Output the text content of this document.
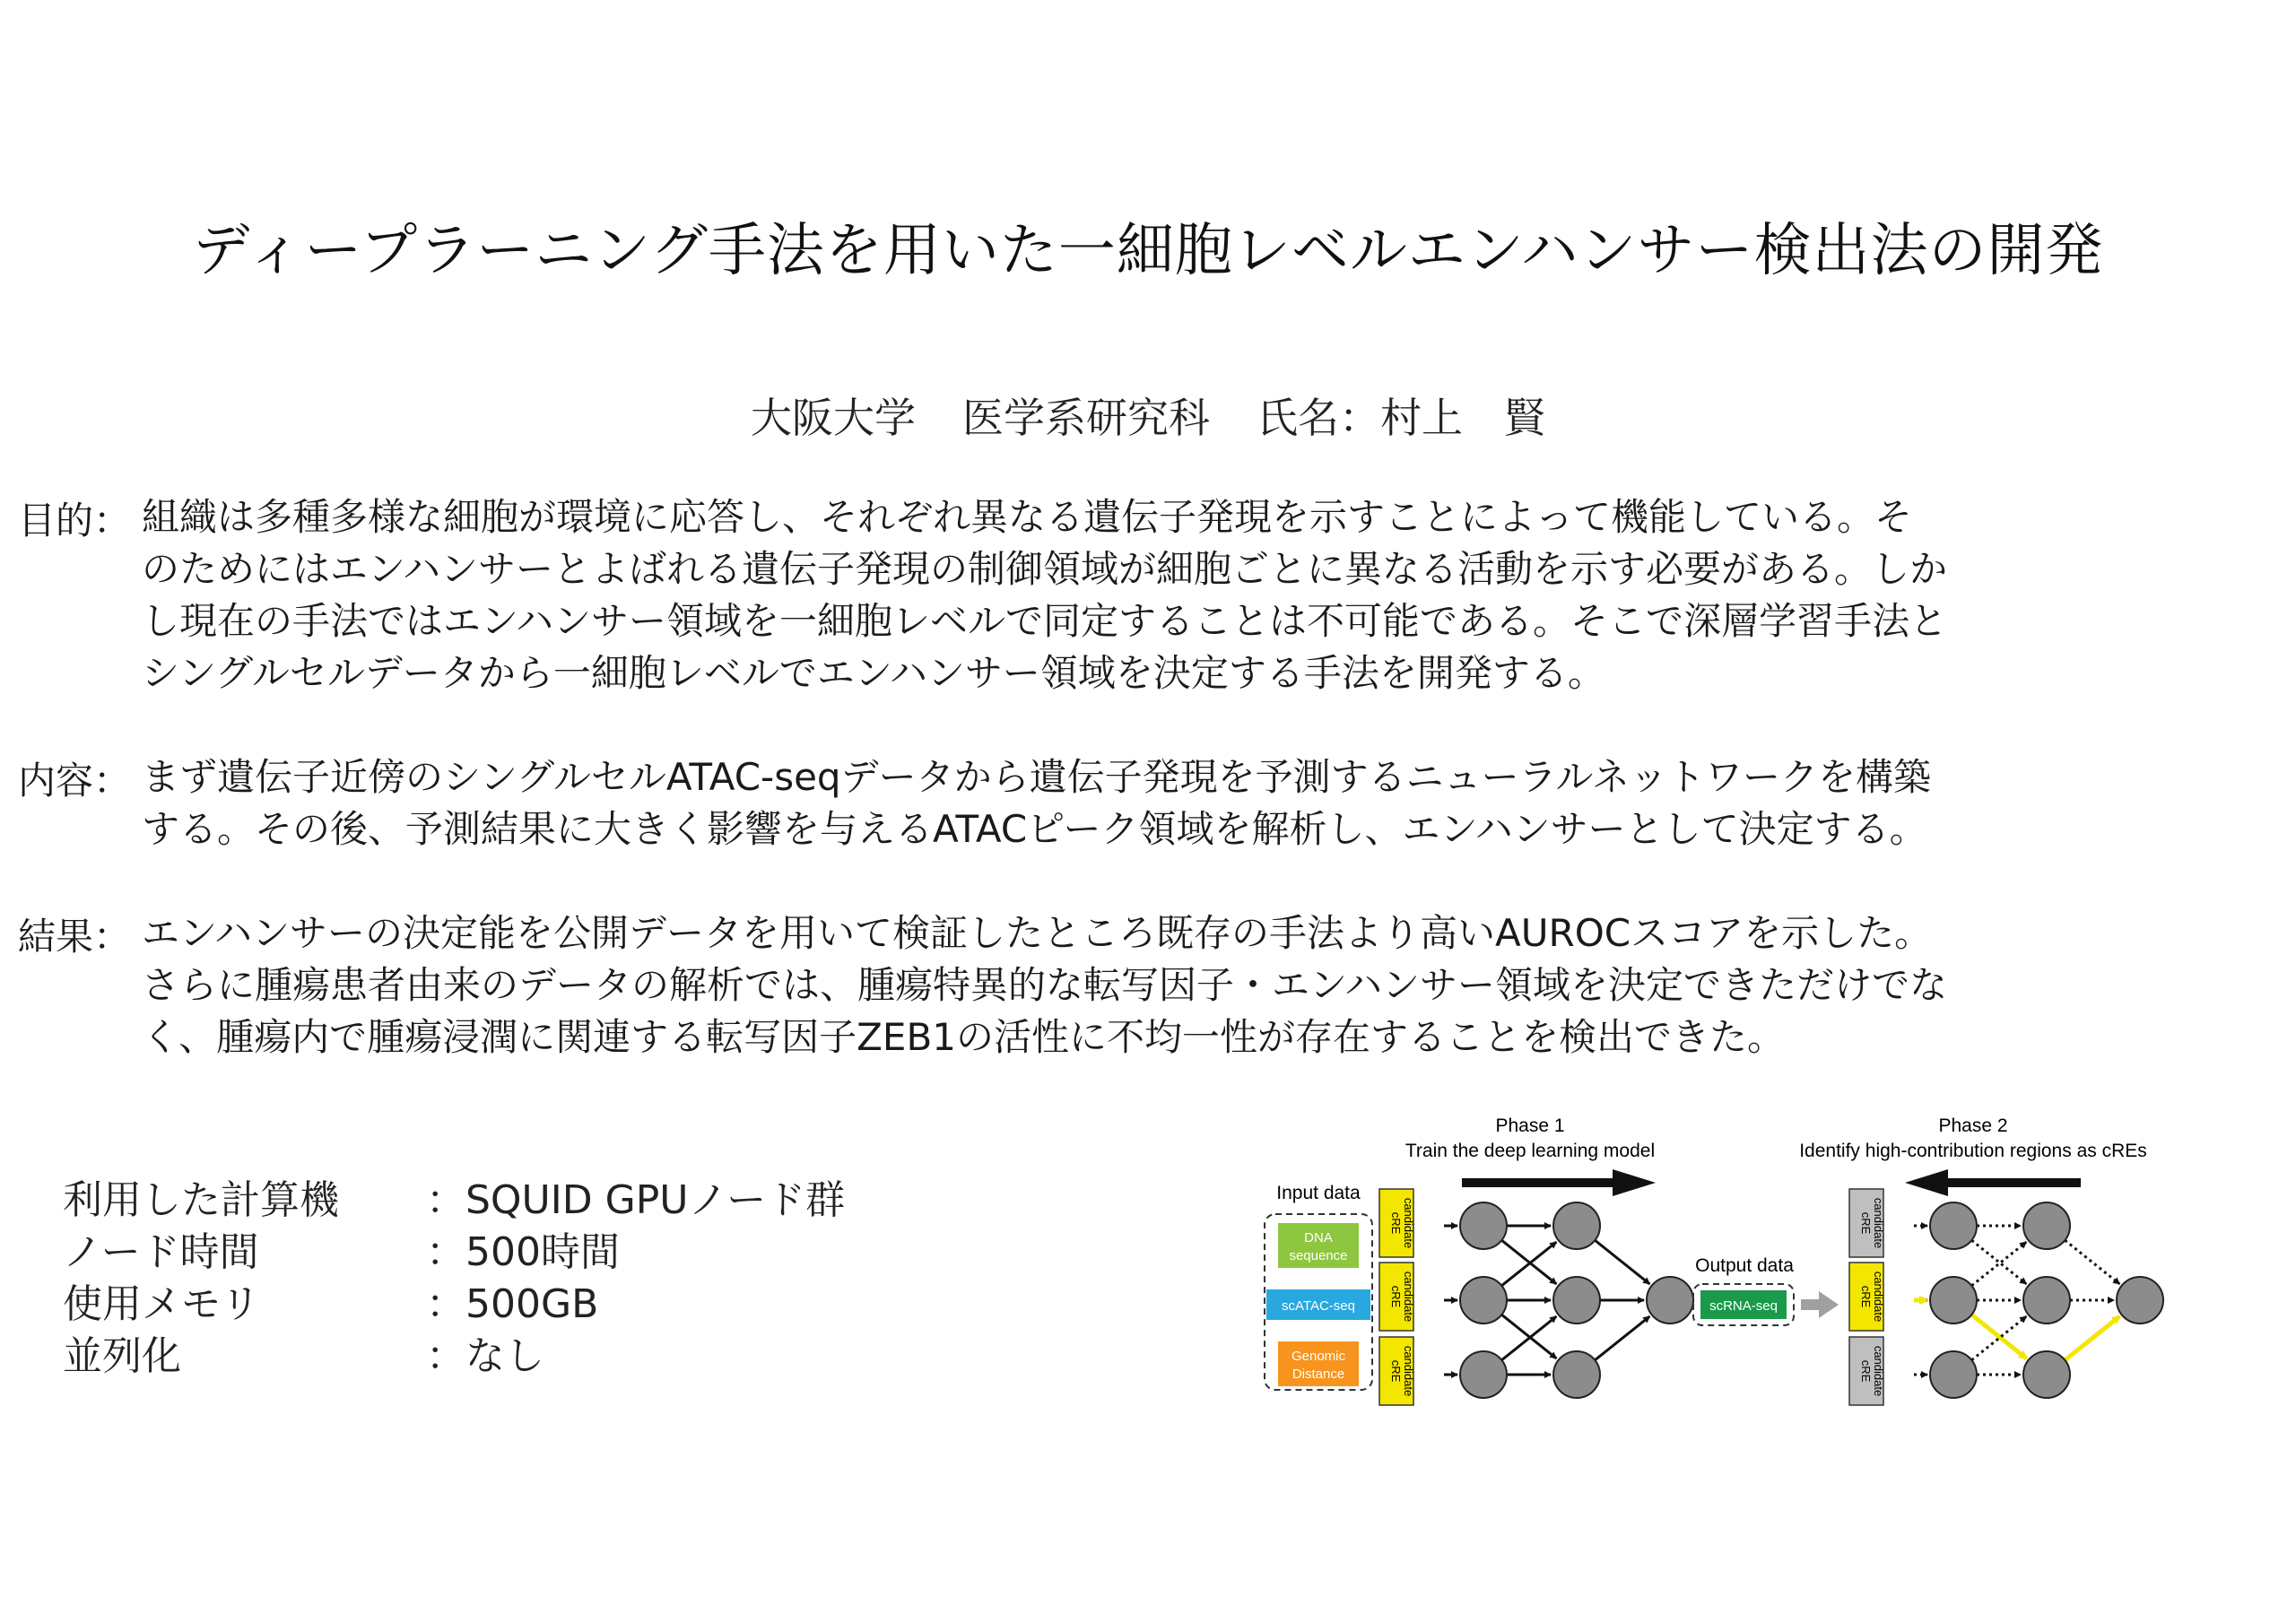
ディープラーニング手法を用いた一細胞レベルエンハンサー検出法の開発
大阪大学 医学系研究科 氏名：村上　賢
目的： 組織は多種多様な細胞が環境に応答し、それぞれ異なる遺伝子発現を示すことによって機能している。そ
のためにはエンハンサーとよばれる遺伝子発現の制御領域が細胞ごとに異なる活動を示す必要がある。しか
し現在の手法ではエンハンサー領域を一細胞レベルで同定することは不可能である。そこで深層学習手法と
シングルセルデータから一細胞レベルでエンハンサー領域を決定する手法を開発する。
内容： まず遺伝子近傍のシングルセルATAC-seqデータから遺伝子発現を予測するニューラルネットワークを構築
する。その後、予測結果に大きく影響を与えるATACピーク領域を解析し、エンハンサーとして決定する。
結果： エンハンサーの決定能を公開データを用いて検証したところ既存の手法より高いAUROCスコアを示した。
さらに腫瘍患者由来のデータの解析では、腫瘍特異的な転写因子・エンハンサー領域を決定できただけでな
く、腫瘍内で腫瘍浸潤に関連する転写因子ZEB1の活性に不均一性が存在することを検出できた。
利用した計算機 ：SQUID GPUノード群
ノード時間	：500時間
使用メモリ	：500GB
並列化	：なし
Phase 1
Train the deep learning model
Phase 2
Identify high-contribution regions as cREs
Input data
DNA
sequence
scATAC-seq
Genomic
Distance
cRE candidate
cRE candidate
cRE candidate
Output data
scRNA-seq
cRE candidate
cRE candidate
cRE candidate
